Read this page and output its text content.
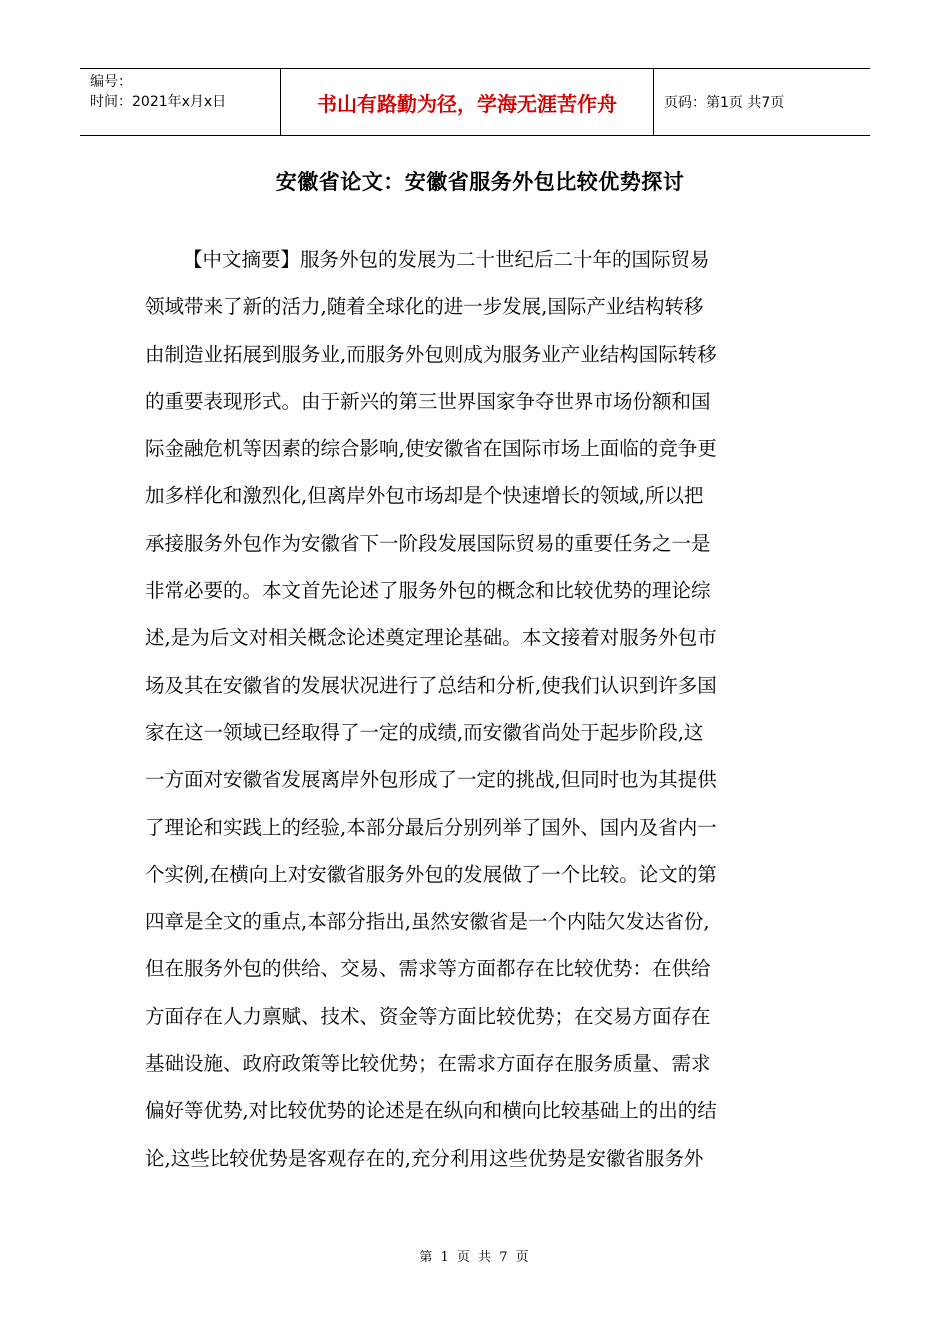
编号：
时间：2021年x月x日	书山有路勤为径，学海无涯苦作舟	页码：第1页 共7页
安徽省论文：安徽省服务外包比较优势探讨
【中文摘要】服务外包的发展为二十世纪后二十年的国际贸易
领域带来了新的活力,随着全球化的进一步发展,国际产业结构转移
由制造业拓展到服务业,而服务外包则成为服务业产业结构国际转移
的重要表现形式。由于新兴的第三世界国家争夺世界市场份额和国
际金融危机等因素的综合影响,使安徽省在国际市场上面临的竞争更
加多样化和激烈化,但离岸外包市场却是个快速增长的领域,所以把
承接服务外包作为安徽省下一阶段发展国际贸易的重要任务之一是
非常必要的。本文首先论述了服务外包的概念和比较优势的理论综
述,是为后文对相关概念论述奠定理论基础。本文接着对服务外包市
场及其在安徽省的发展状况进行了总结和分析,使我们认识到许多国
家在这一领域已经取得了一定的成绩,而安徽省尚处于起步阶段,这
一方面对安徽省发展离岸外包形成了一定的挑战,但同时也为其提供
了理论和实践上的经验,本部分最后分别列举了国外、国内及省内一
个实例,在横向上对安徽省服务外包的发展做了一个比较。论文的第
四章是全文的重点,本部分指出,虽然安徽省是一个内陆欠发达省份,
但在服务外包的供给、交易、需求等方面都存在比较优势：在供给
方面存在人力禀赋、技术、资金等方面比较优势；在交易方面存在
基础设施、政府政策等比较优势；在需求方面存在服务质量、需求
偏好等优势,对比较优势的论述是在纵向和横向比较基础上的出的结
论,这些比较优势是客观存在的,充分利用这些优势是安徽省服务外
第 1 页 共 7 页
